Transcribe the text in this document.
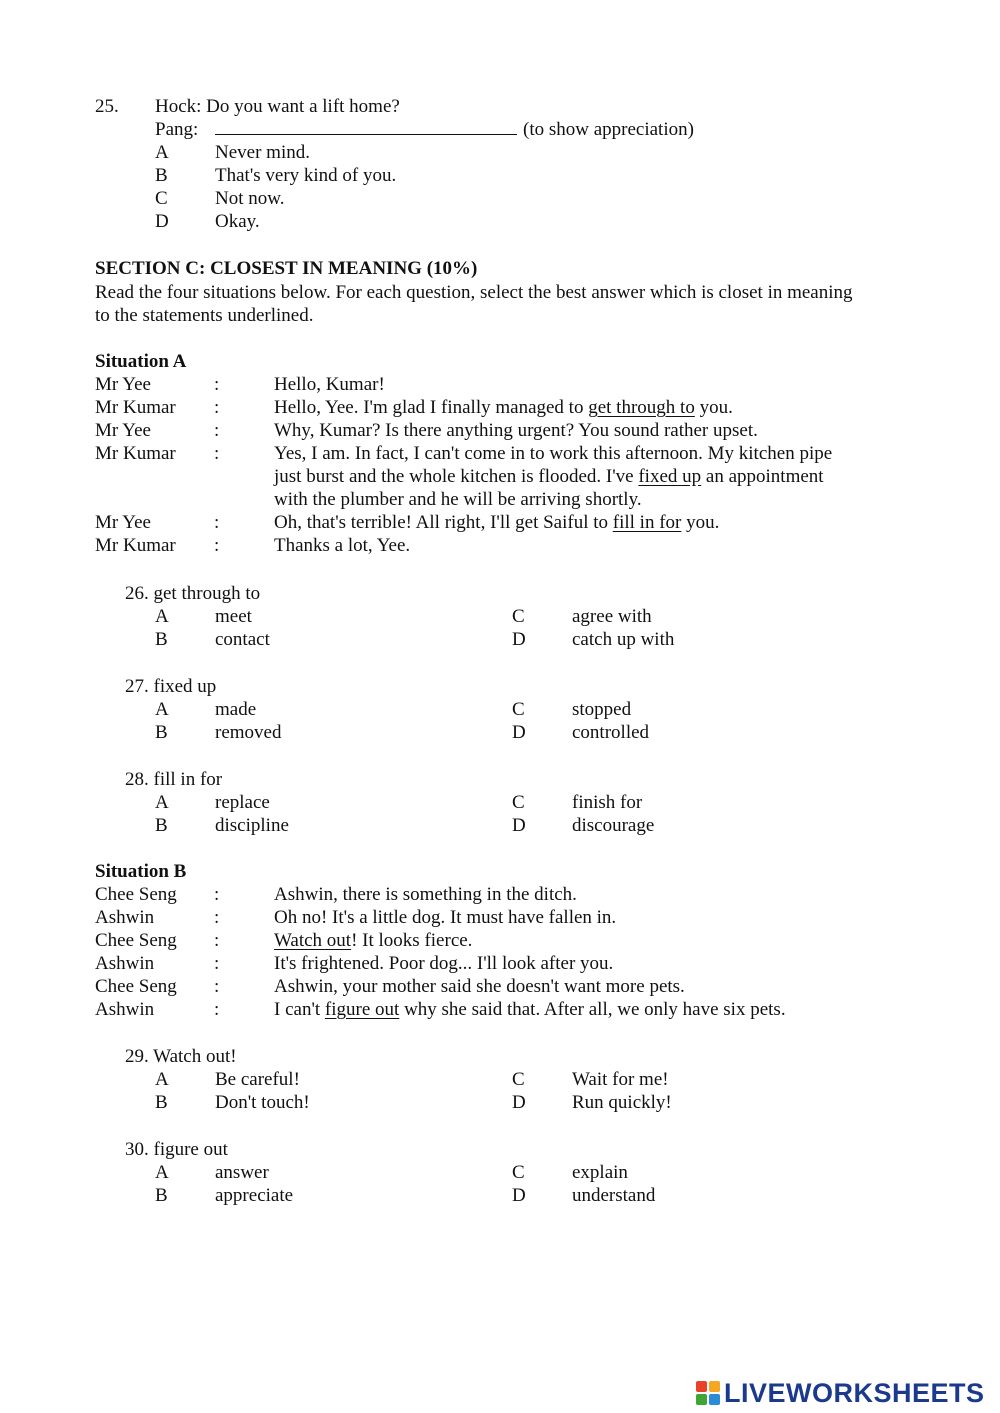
25. Hock: Do you want a lift home?
Pang:	(to show appreciation)
A Never mind.
B That's very kind of you.
C Not now.
D Okay.
SECTION C: CLOSEST IN MEANING (10%)
Read the four situations below. For each question, select the best answer which is closet in meaning
to the statements underlined.
Situation A
Mr Yee	:	Hello, Kumar!
Mr Kumar :	Hello, Yee. I'm glad I finally managed to get through to you.
Mr Yee	:	Why, Kumar? Is there anything urgent? You sound rather upset.
Mr Kumar :	Yes, I am. In fact, I can't come in to work this afternoon. My kitchen pipe
just burst and the whole kitchen is flooded. I've fixed up an appointment
with the plumber and he will be arriving shortly.
Mr Yee	:	Oh, that's terrible! All right, I'll get Saiful to fill in for you.
Mr Kumar :	Thanks a lot, Yee.
26. get through to
A meet
B contact
C agree with
D catch up with
27. fixed up
A made
B removed
C stopped
D controlled
28. fill in for
A replace
B discipline
C finish for
D discourage
Situation B
Chee Seng :	Ashwin, there is something in the ditch.
Ashwin	:	Oh no! It's a little dog. It must have fallen in.
Chee Seng :	Watch out! It looks fierce.
Ashwin	:	It's frightened. Poor dog... I'll look after you.
Chee Seng :	Ashwin, your mother said she doesn't want more pets.
Ashwin	:	I can't figure out why she said that. After all, we only have six pets.
29. Watch out!
A Be careful!
B Don't touch!
C Wait for me!
D Run quickly!
30. figure out
A answer
B appreciate
C explain
D understand
LIVEWORKSHEETS
